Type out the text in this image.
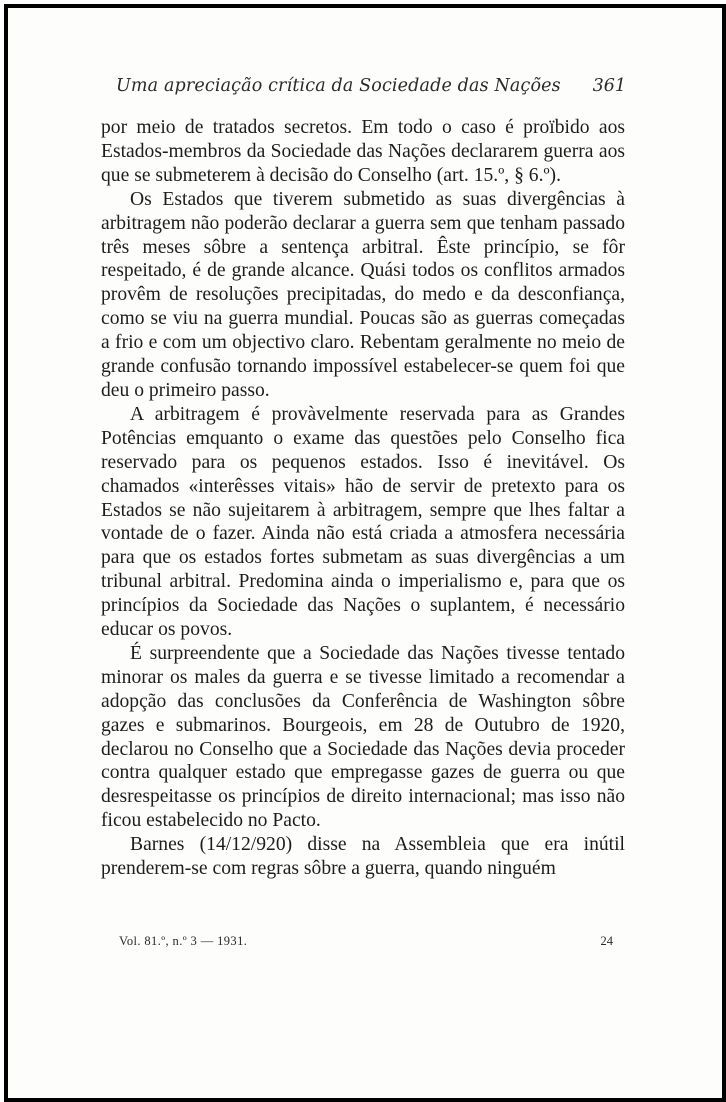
Uma apreciação crítica da Sociedade das Nações 361

por meio de tratados secretos. Em todo o caso é proïbido aos Estados-membros da Sociedade das Nações declararem guerra aos que se submeterem à decisão do Conselho (art. 15.º, § 6.º).

Os Estados que tiverem submetido as suas divergências à arbitragem não poderão declarar a guerra sem que tenham passado três meses sôbre a sentença arbitral. Êste princípio, se fôr respeitado, é de grande alcance. Quási todos os conflitos armados provêm de resoluções precipitadas, do medo e da desconfiança, como se viu na guerra mundial. Poucas são as guerras começadas a frio e com um objectivo claro. Rebentam geralmente no meio de grande confusão tornando impossível estabelecer-se quem foi que deu o primeiro passo.

A arbitragem é provàvelmente reservada para as Grandes Potências emquanto o exame das questões pelo Conselho fica reservado para os pequenos estados. Isso é inevitável. Os chamados «interêsses vitais» hão de servir de pretexto para os Estados se não sujeitarem à arbitragem, sempre que lhes faltar a vontade de o fazer. Ainda não está criada a atmosfera necessária para que os estados fortes submetam as suas divergências a um tribunal arbitral. Predomina ainda o imperialismo e, para que os princípios da Sociedade das Nações o suplantem, é necessário educar os povos.

É surpreendente que a Sociedade das Nações tivesse tentado minorar os males da guerra e se tivesse limitado a recomendar a adopção das conclusões da Conferência de Washington sôbre gazes e submarinos. Bourgeois, em 28 de Outubro de 1920, declarou no Conselho que a Sociedade das Nações devia proceder contra qualquer estado que empregasse gazes de guerra ou que desrespeitasse os princípios de direito internacional; mas isso não ficou estabelecido no Pacto.

Barnes (14/12/920) disse na Assembleia que era inútil prenderem-se com regras sôbre a guerra, quando ninguém

Vol. 81.º, n.º 3 — 1931.	24
